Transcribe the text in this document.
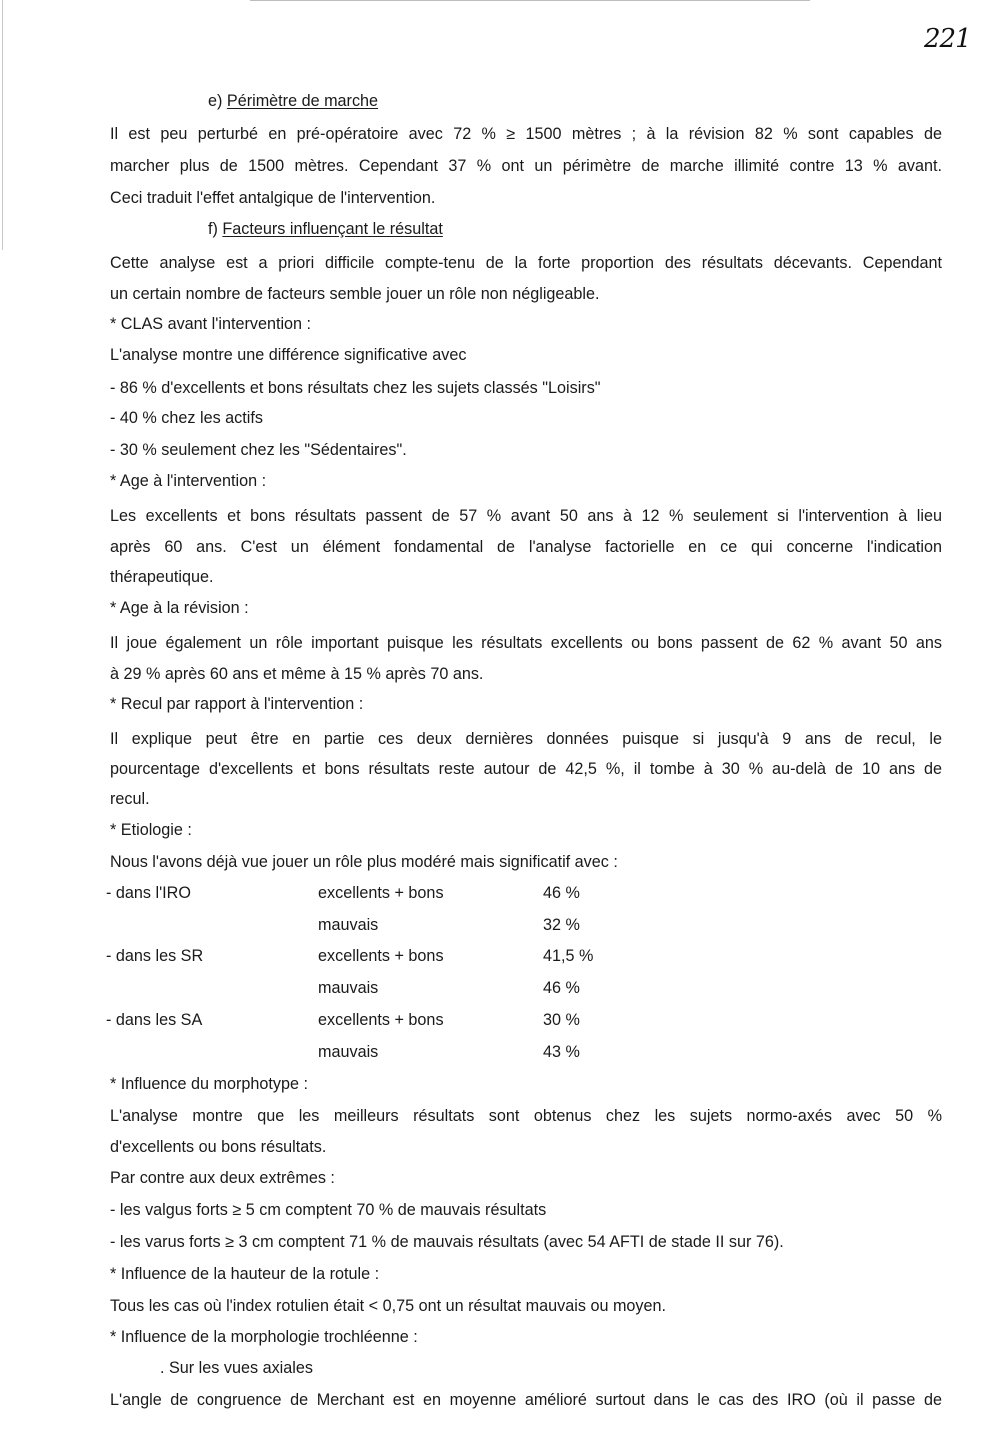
221
e) Périmètre de marche
Il est peu perturbé en pré-opératoire avec 72 % ≥ 1500 mètres ; à la révision 82 % sont capables de
marcher plus de 1500 mètres. Cependant 37 % ont un périmètre de marche illimité contre 13 % avant.
Ceci traduit l'effet antalgique de l'intervention.
f) Facteurs influençant le résultat
Cette analyse est a priori difficile compte-tenu de la forte proportion des résultats décevants. Cependant
un certain nombre de facteurs semble jouer un rôle non négligeable.
* CLAS avant l'intervention :
L'analyse montre une différence significative avec
- 86 % d'excellents et bons résultats chez les sujets classés "Loisirs"
- 40 % chez les actifs
- 30 % seulement chez les "Sédentaires".
* Age à l'intervention :
Les excellents et bons résultats passent de 57 % avant 50 ans à 12 % seulement si l'intervention à lieu
après 60 ans. C'est un élément fondamental de l'analyse factorielle en ce qui concerne l'indication
thérapeutique.
* Age à la révision :
Il joue également un rôle important puisque les résultats excellents ou bons passent de 62 % avant 50 ans
à 29 % après 60 ans et même à 15 % après 70 ans.
* Recul par rapport à l'intervention :
Il explique peut être en partie ces deux dernières données puisque si jusqu'à 9 ans de recul, le
pourcentage d'excellents et bons résultats reste autour de 42,5 %, il tombe à 30 % au-delà de 10 ans de
recul.
* Etiologie :
Nous l'avons déjà vue jouer un rôle plus modéré mais significatif avec :
* Influence du morphotype :
L'analyse montre que les meilleurs résultats sont obtenus chez les sujets normo-axés avec 50 %
d'excellents ou bons résultats.
Par contre aux deux extrêmes :
- les valgus forts ≥ 5 cm comptent 70 % de mauvais résultats
- les varus forts ≥ 3 cm comptent 71 % de mauvais résultats (avec 54 AFTI de stade II sur 76).
* Influence de la hauteur de la rotule :
Tous les cas où l'index rotulien était < 0,75 ont un résultat mauvais ou moyen.
* Influence de la morphologie trochléenne :
. Sur les vues axiales
L'angle de congruence de Merchant est en moyenne amélioré surtout dans le cas des IRO (où il passe de
- dans l'IRO	excellents + bons	46 %
mauvais	32 %
- dans les SR	excellents + bons	41,5 %
mauvais	46 %
- dans les SA	excellents + bons	30 %
mauvais	43 %
